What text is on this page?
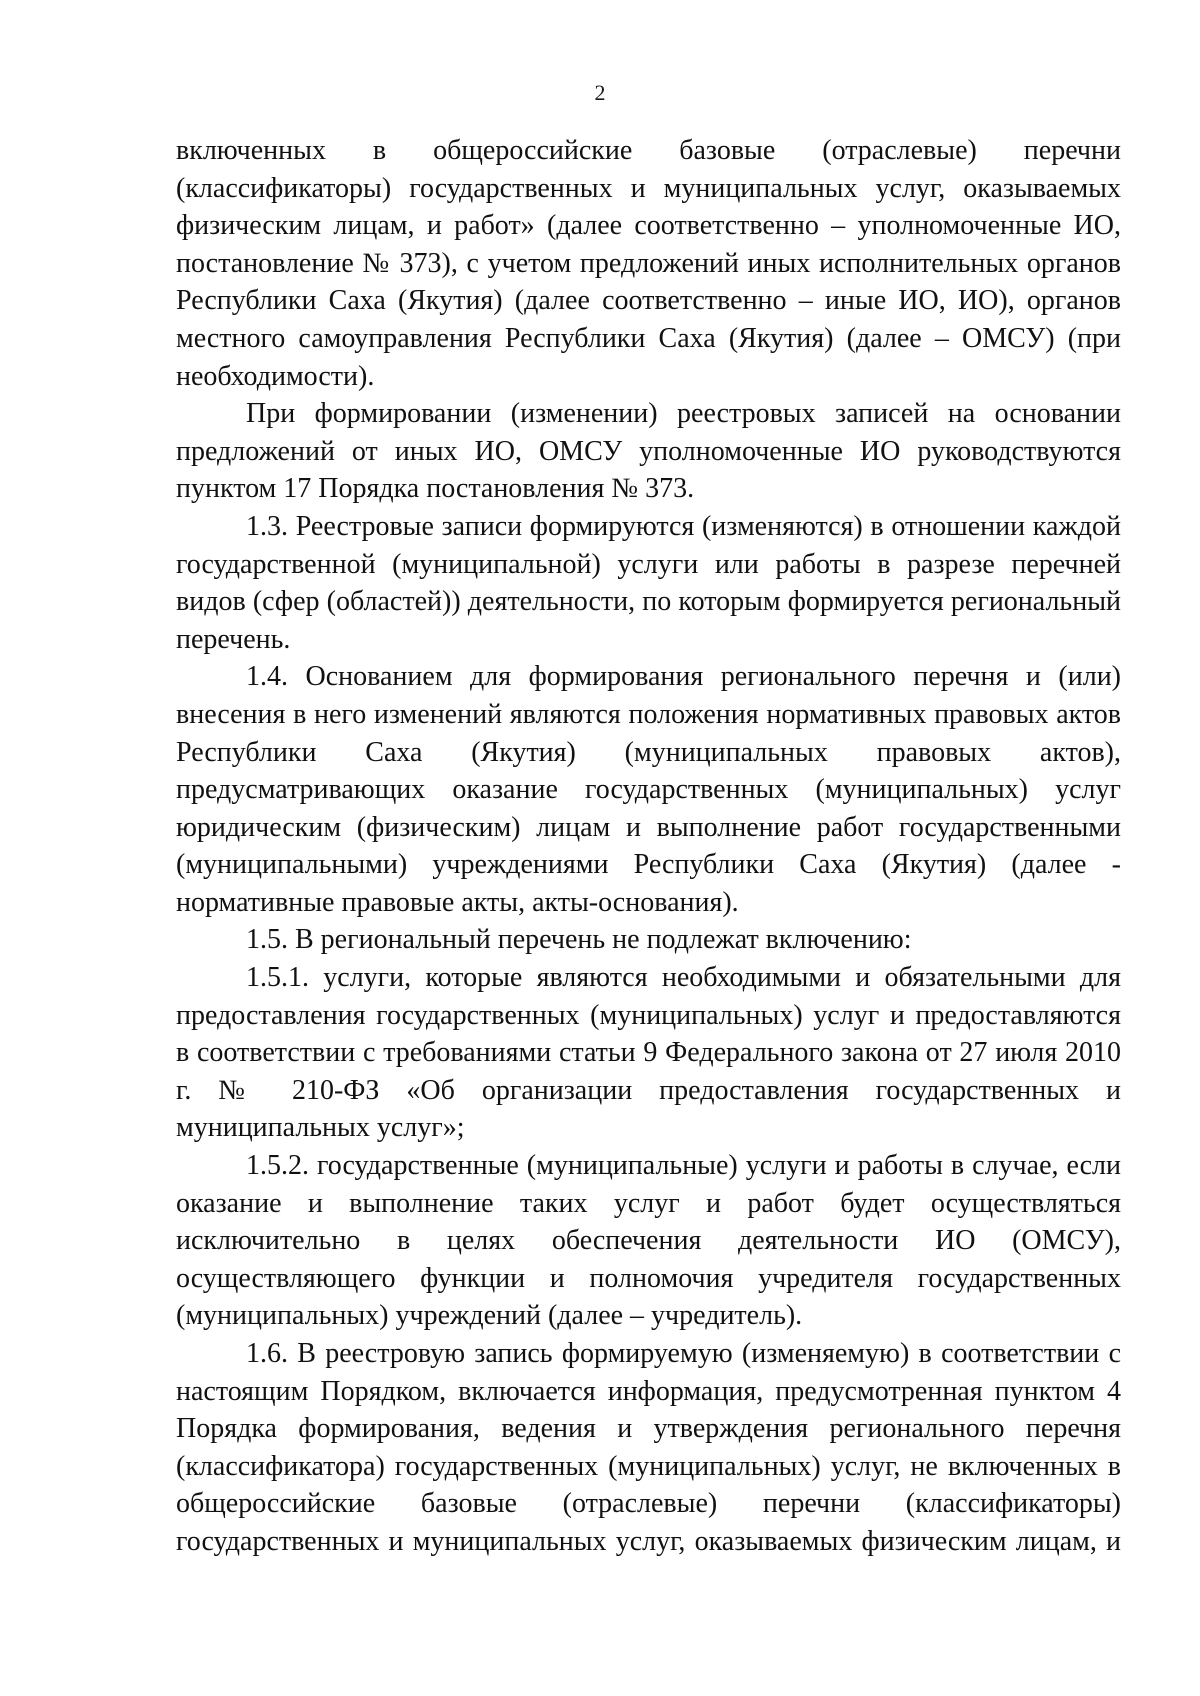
2

включенных в общероссийские базовые (отраслевые) перечни (классификаторы) государственных и муниципальных услуг, оказываемых физическим лицам, и работ» (далее соответственно – уполномоченные ИО, постановление № 373), с учетом предложений иных исполнительных органов Республики Саха (Якутия) (далее соответственно – иные ИО, ИО), органов местного самоуправления Республики Саха (Якутия) (далее – ОМСУ) (при необходимости).

При формировании (изменении) реестровых записей на основании предложений от иных ИО, ОМСУ уполномоченные ИО руководствуются пунктом 17 Порядка постановления № 373.

1.3. Реестровые записи формируются (изменяются) в отношении каждой государственной (муниципальной) услуги или работы в разрезе перечней видов (сфер (областей)) деятельности, по которым формируется региональный перечень.

1.4. Основанием для формирования регионального перечня и (или) внесения в него изменений являются положения нормативных правовых актов Республики Саха (Якутия) (муниципальных правовых актов), предусматривающих оказание государственных (муниципальных) услуг юридическим (физическим) лицам и выполнение работ государственными (муниципальными) учреждениями Республики Саха (Якутия) (далее - нормативные правовые акты, акты-основания).

1.5. В региональный перечень не подлежат включению:

1.5.1. услуги, которые являются необходимыми и обязательными для предоставления государственных (муниципальных) услуг и предоставляются в соответствии с требованиями статьи 9 Федерального закона от 27 июля 2010 г. № 210-ФЗ «Об организации предоставления государственных и муниципальных услуг»;

1.5.2. государственные (муниципальные) услуги и работы в случае, если оказание и выполнение таких услуг и работ будет осуществляться исключительно в целях обеспечения деятельности ИО (ОМСУ), осуществляющего функции и полномочия учредителя государственных (муниципальных) учреждений (далее – учредитель).

1.6. В реестровую запись формируемую (изменяемую) в соответствии с настоящим Порядком, включается информация, предусмотренная пунктом 4 Порядка формирования, ведения и утверждения регионального перечня (классификатора) государственных (муниципальных) услуг, не включенных в общероссийские базовые (отраслевые) перечни (классификаторы) государственных и муниципальных услуг, оказываемых физическим лицам, и
